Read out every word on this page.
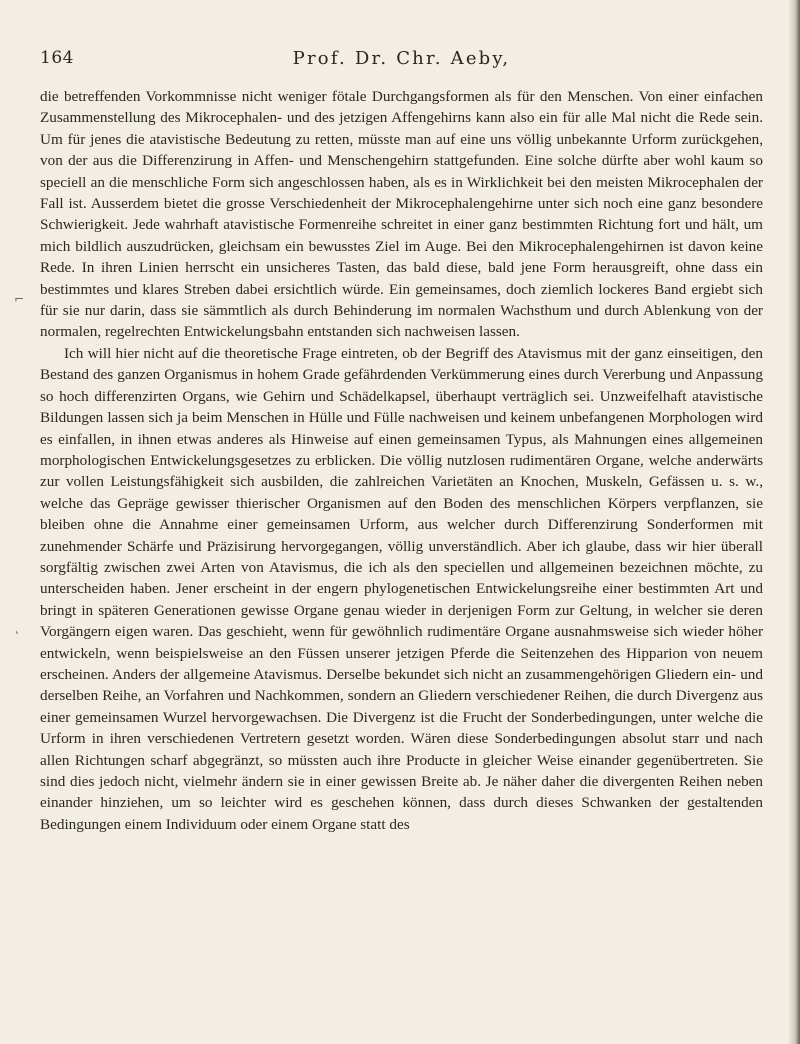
164	Prof. Dr. Chr. Aeby,

die betreffenden Vorkommnisse nicht weniger fötale Durchgangsformen als für den Menschen. Von einer einfachen Zusammenstellung des Mikrocephalen- und des jetzigen Affengehirns kann also ein für alle Mal nicht die Rede sein. Um für jenes die atavistische Bedeutung zu retten, müsste man auf eine uns völlig unbekannte Urform zurückgehen, von der aus die Differenzirung in Affen- und Menschengehirn stattgefunden. Eine solche dürfte aber wohl kaum so speciell an die menschliche Form sich angeschlossen haben, als es in Wirklichkeit bei den meisten Mikrocephalen der Fall ist. Ausserdem bietet die grosse Verschiedenheit der Mikrocephalengehirne unter sich noch eine ganz besondere Schwierigkeit. Jede wahrhaft atavistische Formenreihe schreitet in einer ganz bestimmten Richtung fort und hält, um mich bildlich auszudrücken, gleichsam ein bewusstes Ziel im Auge. Bei den Mikrocephalengehirnen ist davon keine Rede. In ihren Linien herrscht ein unsicheres Tasten, das bald diese, bald jene Form herausgreift, ohne dass ein bestimmtes und klares Streben dabei ersichtlich würde. Ein gemeinsames, doch ziemlich lockeres Band ergiebt sich für sie nur darin, dass sie sämmtlich als durch Behinderung im normalen Wachsthum und durch Ablenkung von der normalen, regelrechten Entwickelungsbahn entstanden sich nachweisen lassen.

Ich will hier nicht auf die theoretische Frage eintreten, ob der Begriff des Atavismus mit der ganz einseitigen, den Bestand des ganzen Organismus in hohem Grade gefährdenden Verkümmerung eines durch Vererbung und Anpassung so hoch differenzirten Organs, wie Gehirn und Schädelkapsel, überhaupt verträglich sei. Unzweifelhaft atavistische Bildungen lassen sich ja beim Menschen in Hülle und Fülle nachweisen und keinem unbefangenen Morphologen wird es einfallen, in ihnen etwas anderes als Hinweise auf einen gemeinsamen Typus, als Mahnungen eines allgemeinen morphologischen Entwickelungsgesetzes zu erblicken. Die völlig nutzlosen rudimentären Organe, welche anderwärts zur vollen Leistungsfähigkeit sich ausbilden, die zahlreichen Varietäten an Knochen, Muskeln, Gefässen u. s. w., welche das Gepräge gewisser thierischer Organismen auf den Boden des menschlichen Körpers verpflanzen, sie bleiben ohne die Annahme einer gemeinsamen Urform, aus welcher durch Differenzirung Sonderformen mit zunehmender Schärfe und Präzisirung hervorgegangen, völlig unverständlich. Aber ich glaube, dass wir hier überall sorgfältig zwischen zwei Arten von Atavismus, die ich als den speciellen und allgemeinen bezeichnen möchte, zu unterscheiden haben. Jener erscheint in der engern phylogenetischen Entwickelungsreihe einer bestimmten Art und bringt in späteren Generationen gewisse Organe genau wieder in derjenigen Form zur Geltung, in welcher sie deren Vorgängern eigen waren. Das geschieht, wenn für gewöhnlich rudimentäre Organe ausnahmsweise sich wieder höher entwickeln, wenn beispielsweise an den Füssen unserer jetzigen Pferde die Seitenzehen des Hipparion von neuem erscheinen. Anders der allgemeine Atavismus. Derselbe bekundet sich nicht an zusammengehörigen Gliedern ein- und derselben Reihe, an Vorfahren und Nachkommen, sondern an Gliedern verschiedener Reihen, die durch Divergenz aus einer gemeinsamen Wurzel hervorgewachsen. Die Divergenz ist die Frucht der Sonderbedingungen, unter welche die Urform in ihren verschiedenen Vertretern gesetzt worden. Wären diese Sonderbedingungen absolut starr und nach allen Richtungen scharf abgegränzt, so müssten auch ihre Producte in gleicher Weise einander gegenübertreten. Sie sind dies jedoch nicht, vielmehr ändern sie in einer gewissen Breite ab. Je näher daher die divergenten Reihen neben einander hinziehen, um so leichter wird es geschehen können, dass durch dieses Schwanken der gestaltenden Bedingungen einem Individuum oder einem Organe statt des

⌐
˛
